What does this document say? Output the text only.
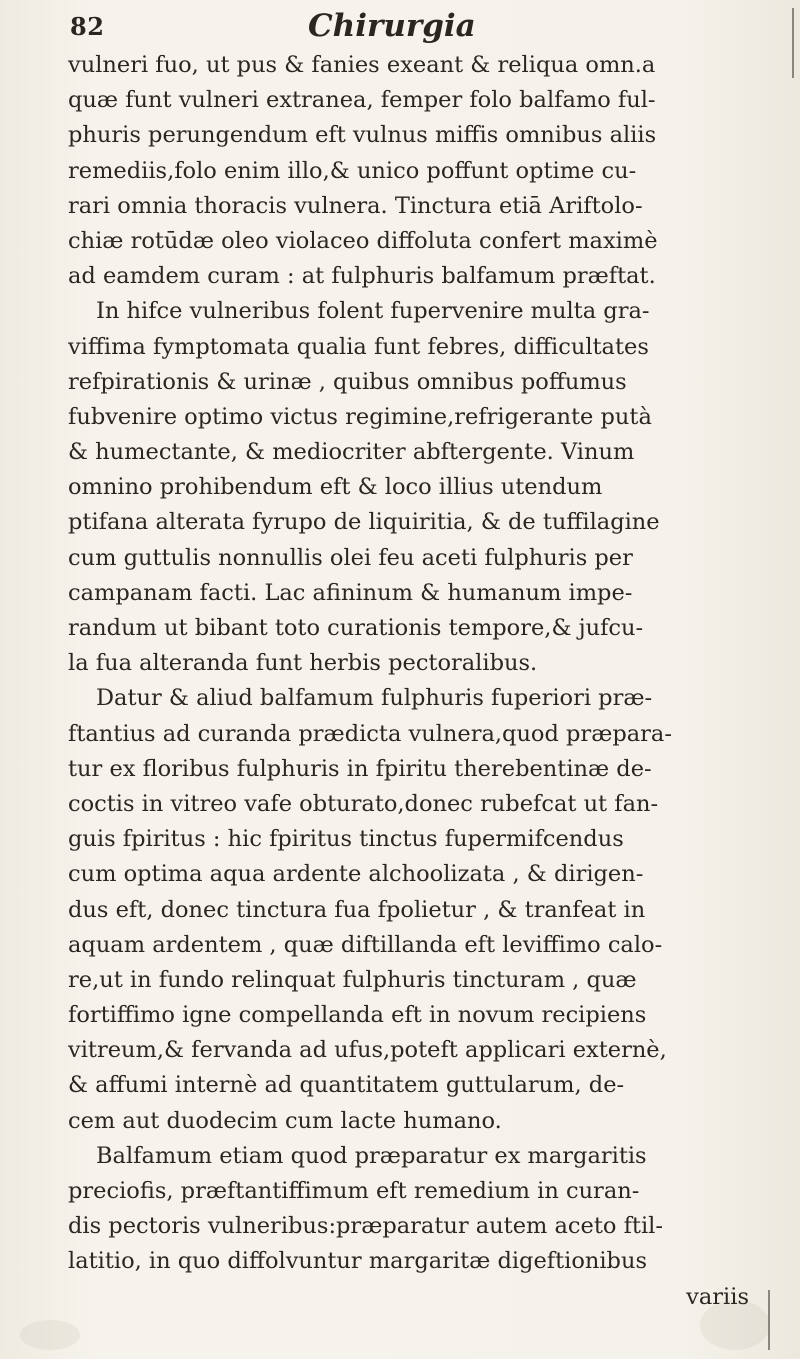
82	Chirurgia
vulneri fuo, ut pus & fanies exeant & reliqua omn.a
quæ funt vulneri extranea, femper folo balfamo ful-
phuris perungendum eft vulnus miffis omnibus aliis
remediis,folo enim illo,& unico poffunt optime cu-
rari omnia thoracis vulnera. Tinctura etiā Ariftolo-
chiæ rotūdæ oleo violaceo diffoluta confert maximè
ad eamdem curam : at fulphuris balfamum præftat.
In hifce vulneribus folent fupervenire multa gra-
viffima fymptomata qualia funt febres, difficultates
refpirationis & urinæ , quibus omnibus poffumus
fubvenire optimo victus regimine,refrigerante putà
& humectante, & mediocriter abftergente. Vinum
omnino prohibendum eft & loco illius utendum
ptifana alterata fyrupo de liquiritia, & de tuffilagine
cum guttulis nonnullis olei feu aceti fulphuris per
campanam facti. Lac afininum & humanum impe-
randum ut bibant toto curationis tempore,& jufcu-
la fua alteranda funt herbis pectoralibus.
Datur & aliud balfamum fulphuris fuperiori præ-
ftantius ad curanda prædicta vulnera,quod præpara-
tur ex floribus fulphuris in fpiritu therebentinæ de-
coctis in vitreo vafe obturato,donec rubefcat ut fan-
guis fpiritus : hic fpiritus tinctus fupermifcendus
cum optima aqua ardente alchoolizata , & dirigen-
dus eft, donec tinctura fua fpolietur , & tranfeat in
aquam ardentem , quæ diftillanda eft leviffimo calo-
re,ut in fundo relinquat fulphuris tincturam , quæ
fortiffimo igne compellanda eft in novum recipiens
vitreum,& fervanda ad ufus,poteft applicari externè,
& affumi internè ad quantitatem guttularum, de-
cem aut duodecim cum lacte humano.
Balfamum etiam quod præparatur ex margaritis
preciofis, præftantiffimum eft remedium in curan-
dis pectoris vulneribus:præparatur autem aceto ftil-
latitio, in quo diffolvuntur margaritæ digeftionibus
variis
